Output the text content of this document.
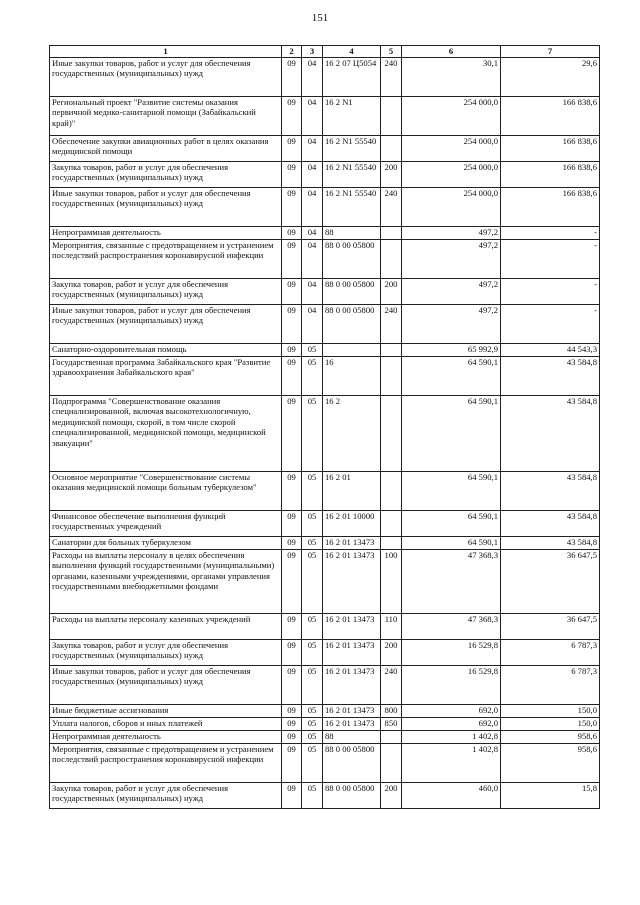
151
1	2	3	4	5	6	7
Иные закупки товаров, работ и услуг для обеспечения государственных (муниципальных) нужд	09	04	16 2 07 Ц5054	240	30,1	29,6
Региональный проект "Развитие системы оказания первичной медико-санитарной помощи (Забайкальский край)"	09	04	16 2 N1		254 000,0	166 838,6
Обеспечение закупки авиационных работ в целях оказания медицинской помощи	09	04	16 2 N1 55540		254 000,0	166 838,6
Закупка товаров, работ и услуг для обеспечения государственных (муниципальных) нужд	09	04	16 2 N1 55540	200	254 000,0	166 838,6
Иные закупки товаров, работ и услуг для обеспечения государственных (муниципальных) нужд	09	04	16 2 N1 55540	240	254 000,0	166 838,6
Непрограммная деятельность	09	04	88		497,2	-
Мероприятия, связанные с предотвращением и устранением последствий распространения коронавирусной инфекции	09	04	88 0 00 05800		497,2	-
Закупка товаров, работ и услуг для обеспечения государственных (муниципальных) нужд	09	04	88 0 00 05800	200	497,2	-
Иные закупки товаров, работ и услуг для обеспечения государственных (муниципальных) нужд	09	04	88 0 00 05800	240	497,2	-
Санаторно-оздоровительная помощь	09	05			65 992,9	44 543,3
Государственная программа Забайкальского края "Развитие здравоохранения Забайкальского края"	09	05	16		64 590,1	43 584,8
Подпрограмма "Совершенствование оказания специализированной, включая высокотехнологичную, медицинской помощи, скорой, в том числе скорой специализированной, медицинской помощи, медицинской эвакуации"	09	05	16 2		64 590,1	43 584,8
Основное мероприятие "Совершенствование системы оказания медицинской помощи больным туберкулезом"	09	05	16 2 01		64 590,1	43 584,8
Финансовое обеспечение выполнения функций государственных учреждений	09	05	16 2 01 10000		64 590,1	43 584,8
Санатории для больных туберкулезом	09	05	16 2 01 13473		64 590,1	43 584,8
Расходы на выплаты персоналу в целях обеспечения выполнения функций государственными (муниципальными) органами, казенными учреждениями, органами управления государственными внебюджетными фондами	09	05	16 2 01 13473	100	47 368,3	36 647,5
Расходы на выплаты персоналу казенных учреждений	09	05	16 2 01 13473	110	47 368,3	36 647,5
Закупка товаров, работ и услуг для обеспечения государственных (муниципальных) нужд	09	05	16 2 01 13473	200	16 529,8	6 787,3
Иные закупки товаров, работ и услуг для обеспечения государственных (муниципальных) нужд	09	05	16 2 01 13473	240	16 529,8	6 787,3
Иные бюджетные ассигнования	09	05	16 2 01 13473	800	692,0	150,0
Уплата налогов, сборов и иных платежей	09	05	16 2 01 13473	850	692,0	150,0
Непрограммная деятельность	09	05	88		1 402,8	958,6
Мероприятия, связанные с предотвращением и устранением последствий распространения коронавирусной инфекции	09	05	88 0 00 05800		1 402,8	958,6
Закупка товаров, работ и услуг для обеспечения государственных (муниципальных) нужд	09	05	88 0 00 05800	200	460,0	15,8
